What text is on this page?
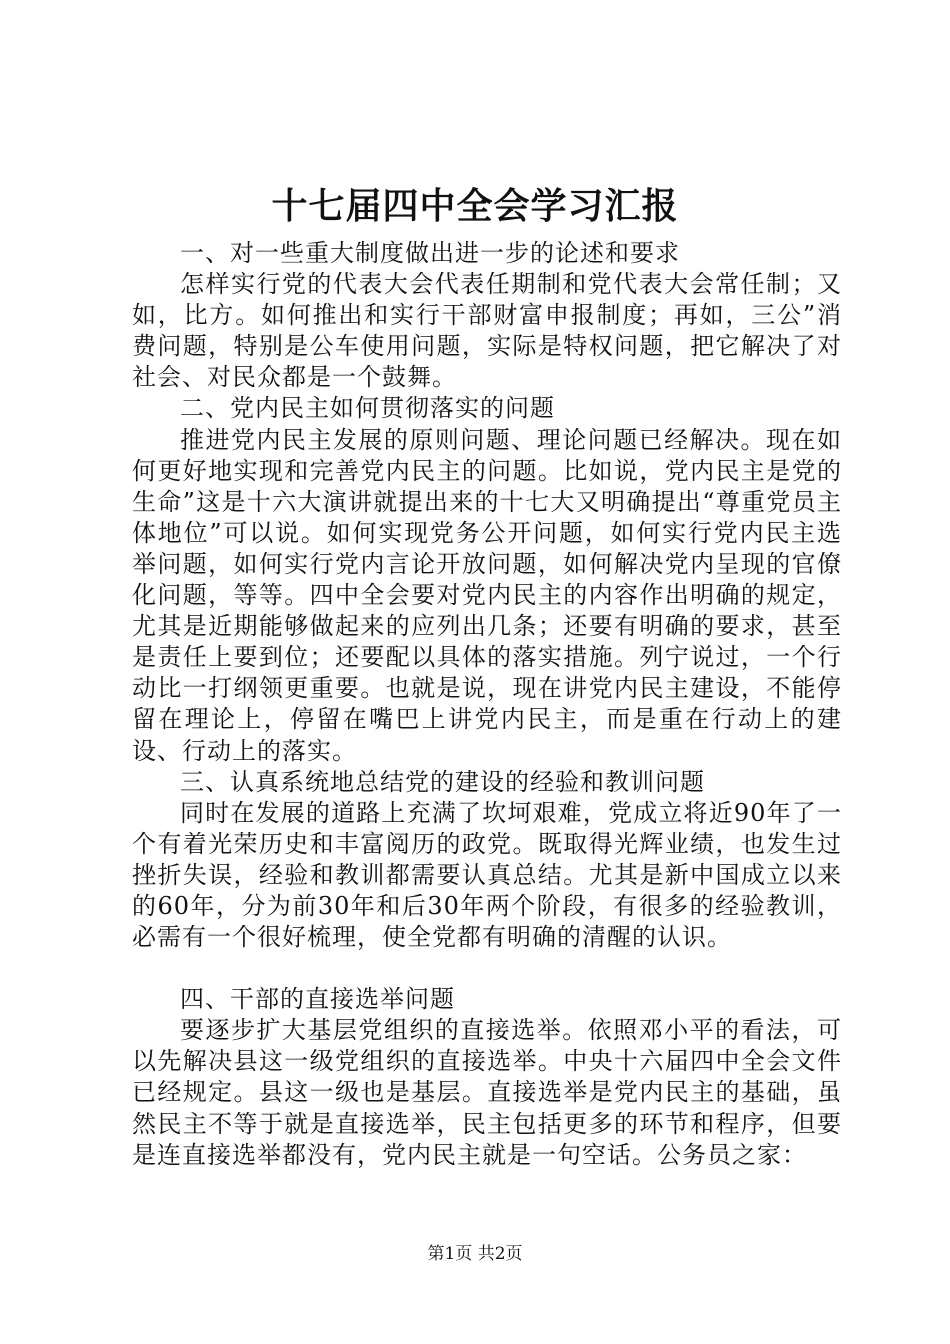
十七届四中全会学习汇报

一、对一些重大制度做出进一步的论述和要求

怎样实行党的代表大会代表任期制和党代表大会常任制；又如，比方。如何推出和实行干部财富申报制度；再如，三公”消费问题，特别是公车使用问题，实际是特权问题，把它解决了对社会、对民众都是一个鼓舞。

二、党内民主如何贯彻落实的问题

推进党内民主发展的原则问题、理论问题已经解决。现在如何更好地实现和完善党内民主的问题。比如说，党内民主是党的生命”这是十六大演讲就提出来的十七大又明确提出“尊重党员主体地位”可以说。如何实现党务公开问题，如何实行党内民主选举问题，如何实行党内言论开放问题，如何解决党内呈现的官僚化问题，等等。四中全会要对党内民主的内容作出明确的规定，尤其是近期能够做起来的应列出几条；还要有明确的要求，甚至是责任上要到位；还要配以具体的落实措施。列宁说过，一个行动比一打纲领更重要。也就是说，现在讲党内民主建设，不能停留在理论上，停留在嘴巴上讲党内民主，而是重在行动上的建设、行动上的落实。

三、认真系统地总结党的建设的经验和教训问题

同时在发展的道路上充满了坎坷艰难，党成立将近90年了一个有着光荣历史和丰富阅历的政党。既取得光辉业绩，也发生过挫折失误，经验和教训都需要认真总结。尤其是新中国成立以来的60年，分为前30年和后30年两个阶段，有很多的经验教训，必需有一个很好梳理，使全党都有明确的清醒的认识。

四、干部的直接选举问题

要逐步扩大基层党组织的直接选举。依照邓小平的看法，可以先解决县这一级党组织的直接选举。中央十六届四中全会文件已经规定。县这一级也是基层。直接选举是党内民主的基础，虽然民主不等于就是直接选举，民主包括更多的环节和程序，但要是连直接选举都没有，党内民主就是一句空话。公务员之家：

第1页 共2页
